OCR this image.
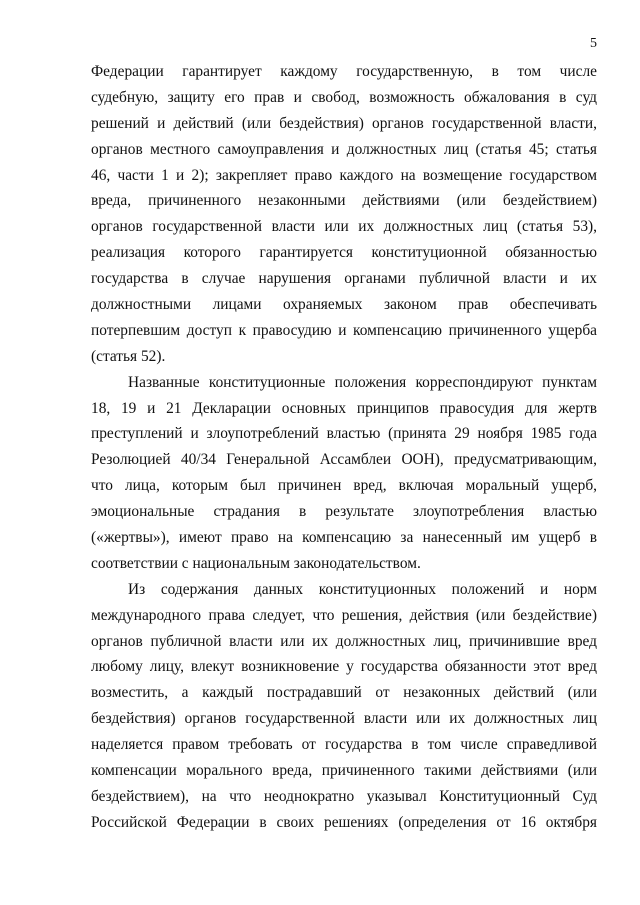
5
Федерации гарантирует каждому государственную, в том числе
судебную, защиту его прав и свобод, возможность обжалования в суд
решений и действий (или бездействия) органов государственной власти,
органов местного самоуправления и должностных лиц (статья 45; статья
46, части 1 и 2); закрепляет право каждого на возмещение государством
вреда, причиненного незаконными действиями (или бездействием)
органов государственной власти или их должностных лиц (статья 53),
реализация которого гарантируется конституционной обязанностью
государства в случае нарушения органами публичной власти и их
должностными лицами охраняемых законом прав обеспечивать
потерпевшим доступ к правосудию и компенсацию причиненного ущерба
(статья 52).
Названные конституционные положения корреспондируют пунктам
18, 19 и 21 Декларации основных принципов правосудия для жертв
преступлений и злоупотреблений властью (принята 29 ноября 1985 года
Резолюцией 40/34 Генеральной Ассамблеи ООН), предусматривающим,
что лица, которым был причинен вред, включая моральный ущерб,
эмоциональные страдания в результате злоупотребления властью
(«жертвы»), имеют право на компенсацию за нанесенный им ущерб в
соответствии с национальным законодательством.
Из содержания данных конституционных положений и норм
международного права следует, что решения, действия (или бездействие)
органов публичной власти или их должностных лиц, причинившие вред
любому лицу, влекут возникновение у государства обязанности этот вред
возместить, а каждый пострадавший от незаконных действий (или
бездействия) органов государственной власти или их должностных лиц
наделяется правом требовать от государства в том числе справедливой
компенсации морального вреда, причиненного такими действиями (или
бездействием), на что неоднократно указывал Конституционный Суд
Российской Федерации в своих решениях (определения от 16 октября
